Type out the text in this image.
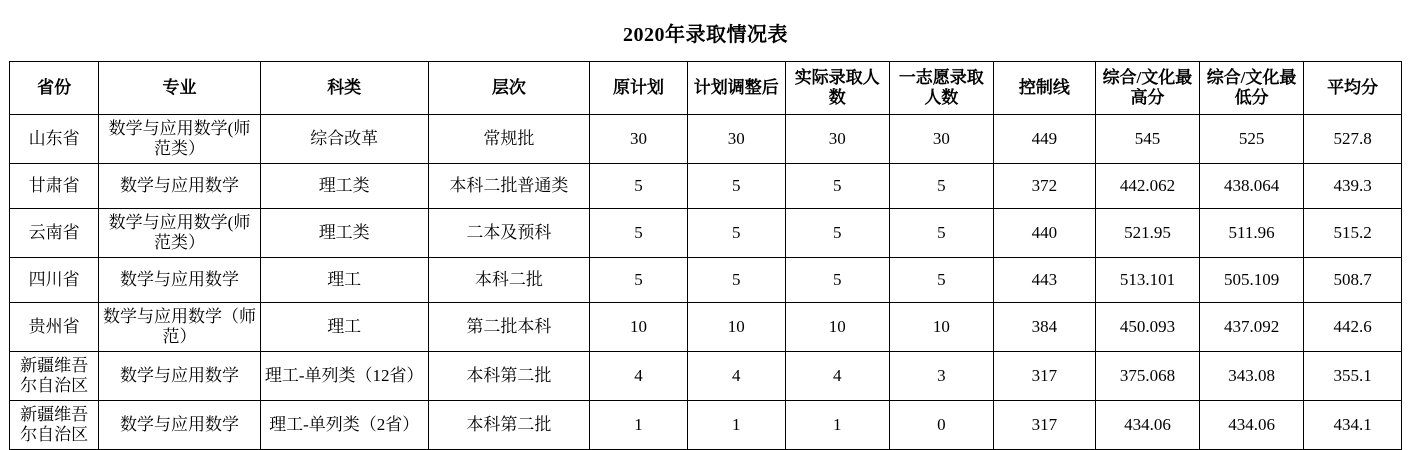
2020年录取情况表
省份	专业	科类	层次	原计划	计划调整后	实际录取人数	一志愿录取人数	控制线	综合/文化最高分	综合/文化最低分	平均分
山东省	数学与应用数学(师范类）	综合改革	常规批	30	30	30	30	449	545	525	527.8
甘肃省	数学与应用数学	理工类	本科二批普通类	5	5	5	5	372	442.062	438.064	439.3
云南省	数学与应用数学(师范类）	理工类	二本及预科	5	5	5	5	440	521.95	511.96	515.2
四川省	数学与应用数学	理工	本科二批	5	5	5	5	443	513.101	505.109	508.7
贵州省	数学与应用数学（师范）	理工	第二批本科	10	10	10	10	384	450.093	437.092	442.6
新疆维吾尔自治区	数学与应用数学	理工-单列类（12省）	本科第二批	4	4	4	3	317	375.068	343.08	355.1
新疆维吾尔自治区	数学与应用数学	理工-单列类（2省）	本科第二批	1	1	1	0	317	434.06	434.06	434.1
